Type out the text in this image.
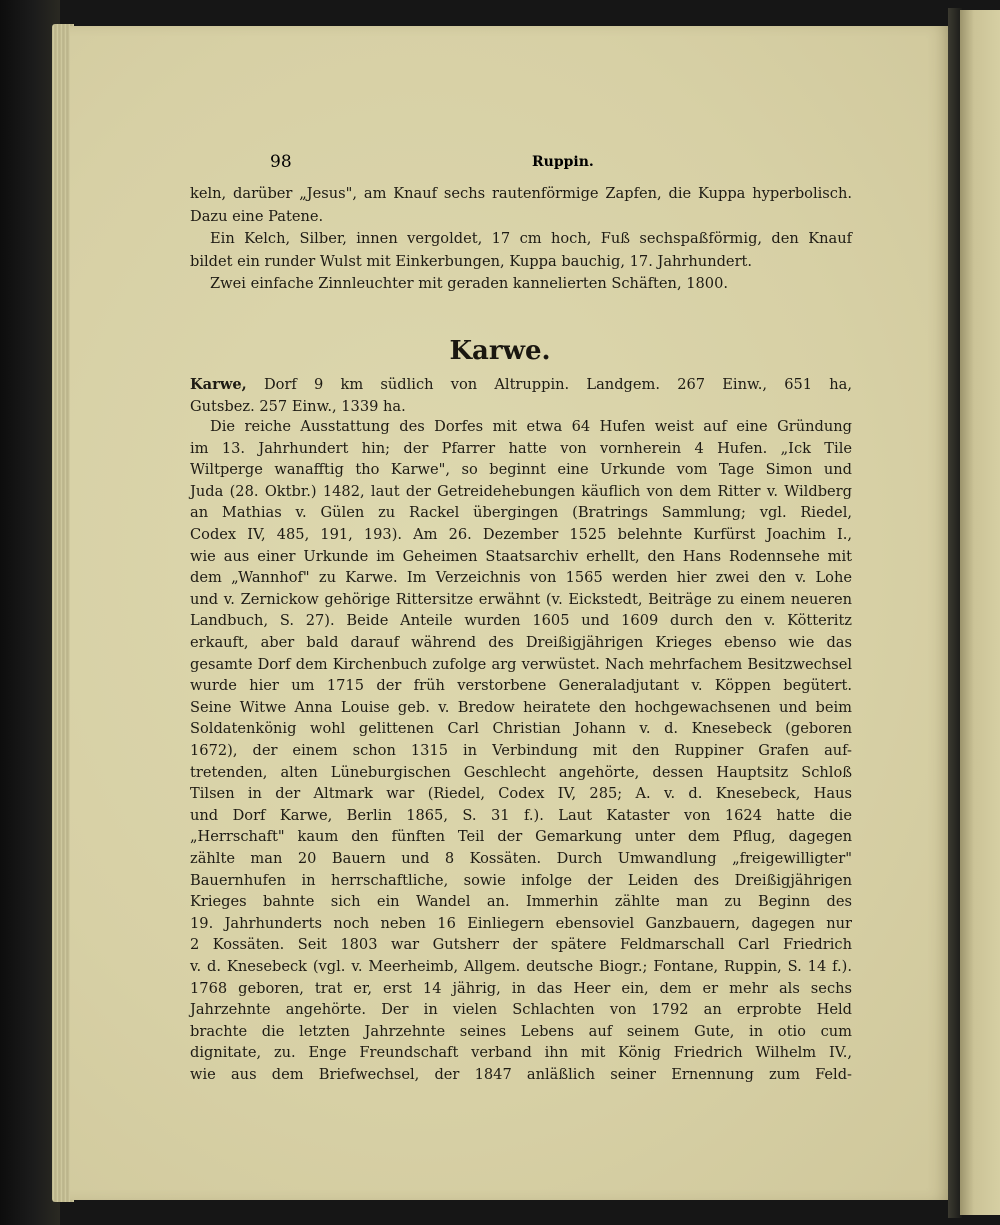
98	Ruppin.
keln, darüber „Jesus", am Knauf sechs rautenförmige Zapfen, die Kuppa hyperbolisch.
Dazu eine Patene.
Ein Kelch, Silber, innen vergoldet, 17 cm hoch, Fuß sechspaßförmig, den Knauf
bildet ein runder Wulst mit Einkerbungen, Kuppa bauchig, 17. Jahrhundert.
Zwei einfache Zinnleuchter mit geraden kannelierten Schäften, 1800.
Karwe.
Karwe, Dorf 9 km südlich von Altruppin. Landgem. 267 Einw., 651 ha,
Gutsbez. 257 Einw., 1339 ha.
Die reiche Ausstattung des Dorfes mit etwa 64 Hufen weist auf eine Gründung
im 13. Jahrhundert hin; der Pfarrer hatte von vornherein 4 Hufen. „Ick Tile
Wiltperge wanafftig tho Karwe", so beginnt eine Urkunde vom Tage Simon und
Juda (28. Oktbr.) 1482, laut der Getreidehebungen käuflich von dem Ritter v. Wildberg
an Mathias v. Gülen zu Rackel übergingen (Bratrings Sammlung; vgl. Riedel,
Codex IV, 485, 191, 193). Am 26. Dezember 1525 belehnte Kurfürst Joachim I.,
wie aus einer Urkunde im Geheimen Staatsarchiv erhellt, den Hans Rodennsehe mit
dem „Wannhof" zu Karwe. Im Verzeichnis von 1565 werden hier zwei den v. Lohe
und v. Zernickow gehörige Rittersitze erwähnt (v. Eickstedt, Beiträge zu einem neueren
Landbuch, S. 27). Beide Anteile wurden 1605 und 1609 durch den v. Kötteritz
erkauft, aber bald darauf während des Dreißigjährigen Krieges ebenso wie das
gesamte Dorf dem Kirchenbuch zufolge arg verwüstet. Nach mehrfachem Besitzwechsel
wurde hier um 1715 der früh verstorbene Generaladjutant v. Köppen begütert.
Seine Witwe Anna Louise geb. v. Bredow heiratete den hochgewachsenen und beim
Soldatenkönig wohl gelittenen Carl Christian Johann v. d. Knesebeck (geboren
1672), der einem schon 1315 in Verbindung mit den Ruppiner Grafen auf-
tretenden, alten Lüneburgischen Geschlecht angehörte, dessen Hauptsitz Schloß
Tilsen in der Altmark war (Riedel, Codex IV, 285; A. v. d. Knesebeck, Haus
und Dorf Karwe, Berlin 1865, S. 31 f.). Laut Kataster von 1624 hatte die
„Herrschaft" kaum den fünften Teil der Gemarkung unter dem Pflug, dagegen
zählte man 20 Bauern und 8 Kossäten. Durch Umwandlung „freigewilligter"
Bauernhufen in herrschaftliche, sowie infolge der Leiden des Dreißigjährigen
Krieges bahnte sich ein Wandel an. Immerhin zählte man zu Beginn des
19. Jahrhunderts noch neben 16 Einliegern ebensoviel Ganzbauern, dagegen nur
2 Kossäten. Seit 1803 war Gutsherr der spätere Feldmarschall Carl Friedrich
v. d. Knesebeck (vgl. v. Meerheimb, Allgem. deutsche Biogr.; Fontane, Ruppin, S. 14 f.).
1768 geboren, trat er, erst 14 jährig, in das Heer ein, dem er mehr als sechs
Jahrzehnte angehörte. Der in vielen Schlachten von 1792 an erprobte Held
brachte die letzten Jahrzehnte seines Lebens auf seinem Gute, in otio cum
dignitate, zu. Enge Freundschaft verband ihn mit König Friedrich Wilhelm IV.,
wie aus dem Briefwechsel, der 1847 anläßlich seiner Ernennung zum Feld-
